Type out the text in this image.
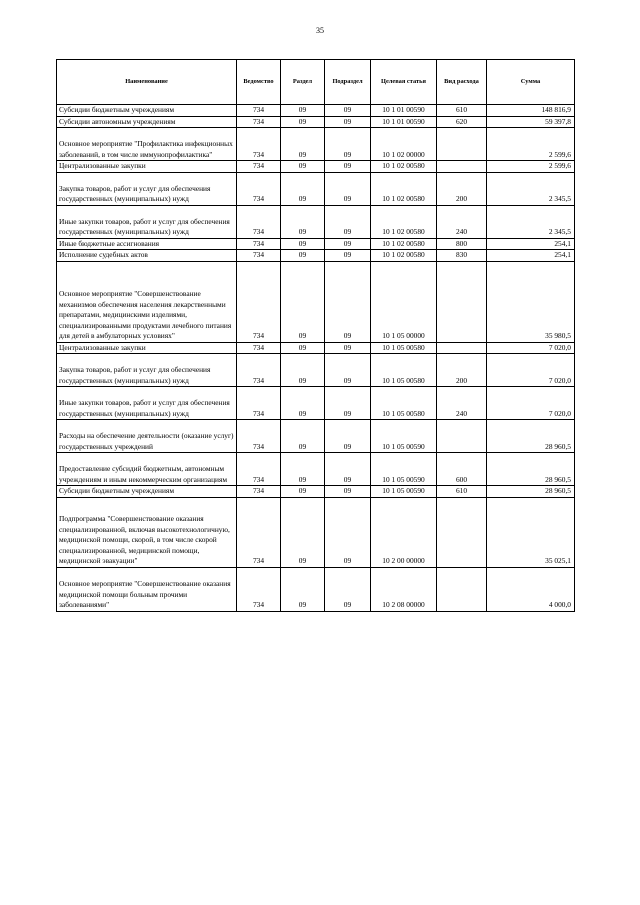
35
Наименование	Ведомство	Раздел	Подраздел	Целевая статья	Вид расхода	Сумма
Субсидии бюджетным учреждениям	734	09	09	10 1 01 00590	610	148 816,9
Субсидии автономным учреждениям	734	09	09	10 1 01 00590	620	59 397,8
Основное мероприятие "Профилактика инфекционных заболеваний, в том числе иммунопрофилактика"	734	09	09	10 1 02 00000		2 599,6
Централизованные закупки	734	09	09	10 1 02 00580		2 599,6
Закупка товаров, работ и услуг для обеспечения государственных (муниципальных) нужд	734	09	09	10 1 02 00580	200	2 345,5
Иные закупки товаров, работ и услуг для обеспечения государственных (муниципальных) нужд	734	09	09	10 1 02 00580	240	2 345,5
Иные бюджетные ассигнования	734	09	09	10 1 02 00580	800	254,1
Исполнение судебных актов	734	09	09	10 1 02 00580	830	254,1
Основное мероприятие "Совершенствование механизмов обеспечения населения лекарственными препаратами, медицинскими изделиями, специализированными продуктами лечебного питания для детей в амбулаторных условиях"	734	09	09	10 1 05 00000		35 980,5
Централизованные закупки	734	09	09	10 1 05 00580		7 020,0
Закупка товаров, работ и услуг для обеспечения государственных (муниципальных) нужд	734	09	09	10 1 05 00580	200	7 020,0
Иные закупки товаров, работ и услуг для обеспечения государственных (муниципальных) нужд	734	09	09	10 1 05 00580	240	7 020,0
Расходы на обеспечение деятельности (оказание услуг) государственных учреждений	734	09	09	10 1 05 00590		28 960,5
Предоставление субсидий бюджетным, автономным учреждениям и иным некоммерческим организациям	734	09	09	10 1 05 00590	600	28 960,5
Субсидии бюджетным учреждениям	734	09	09	10 1 05 00590	610	28 960,5
Подпрограмма "Совершенствование оказания специализированной, включая высокотехнологичную, медицинской помощи, скорой, в том числе скорой специализированной, медицинской помощи, медицинской эвакуации"	734	09	09	10 2 00 00000		35 025,1
Основное мероприятие "Совершенствование оказания медицинской помощи больным прочими заболеваниями"	734	09	09	10 2 08 00000		4 000,0
